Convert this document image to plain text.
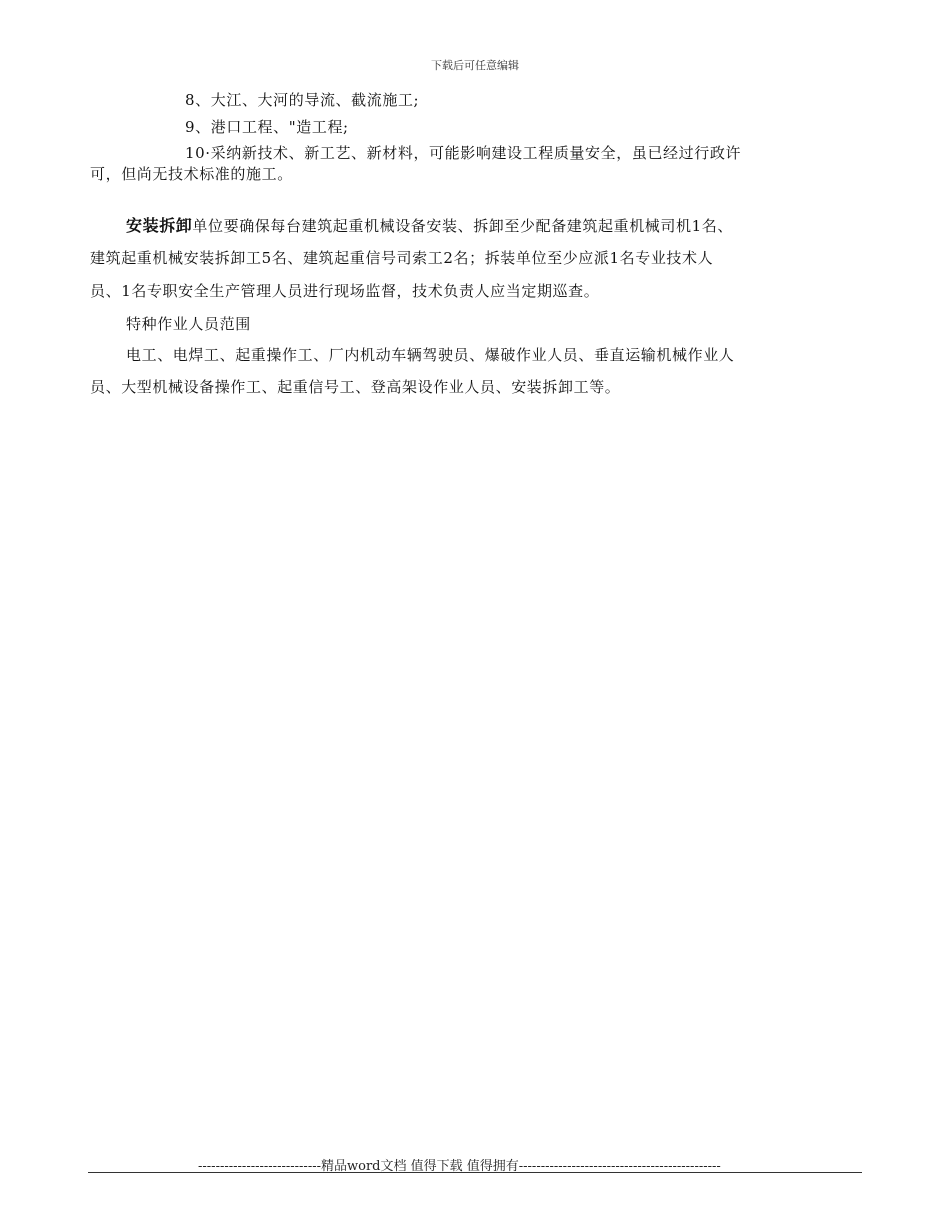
下载后可任意编辑
8、大江、大河的导流、截流施工;
9、港口工程、"造工程;
10·采纳新技术、新工艺、新材料，可能影响建设工程质量安全，虽已经过行政许
可，但尚无技术标准的施工。
安装拆卸单位要确保每台建筑起重机械设备安装、拆卸至少配备建筑起重机械司机1名、
建筑起重机械安装拆卸工5名、建筑起重信号司索工2名；拆装单位至少应派1名专业技术人
员、1名专职安全生产管理人员进行现场监督，技术负责人应当定期巡查。
特种作业人员范围
电工、电焊工、起重操作工、厂内机动车辆驾驶员、爆破作业人员、垂直运输机械作业人
员、大型机械设备操作工、起重信号工、登高架设作业人员、安装拆卸工等。
----------------------------精品word文档 值得下载 值得拥有----------------------------------------------
